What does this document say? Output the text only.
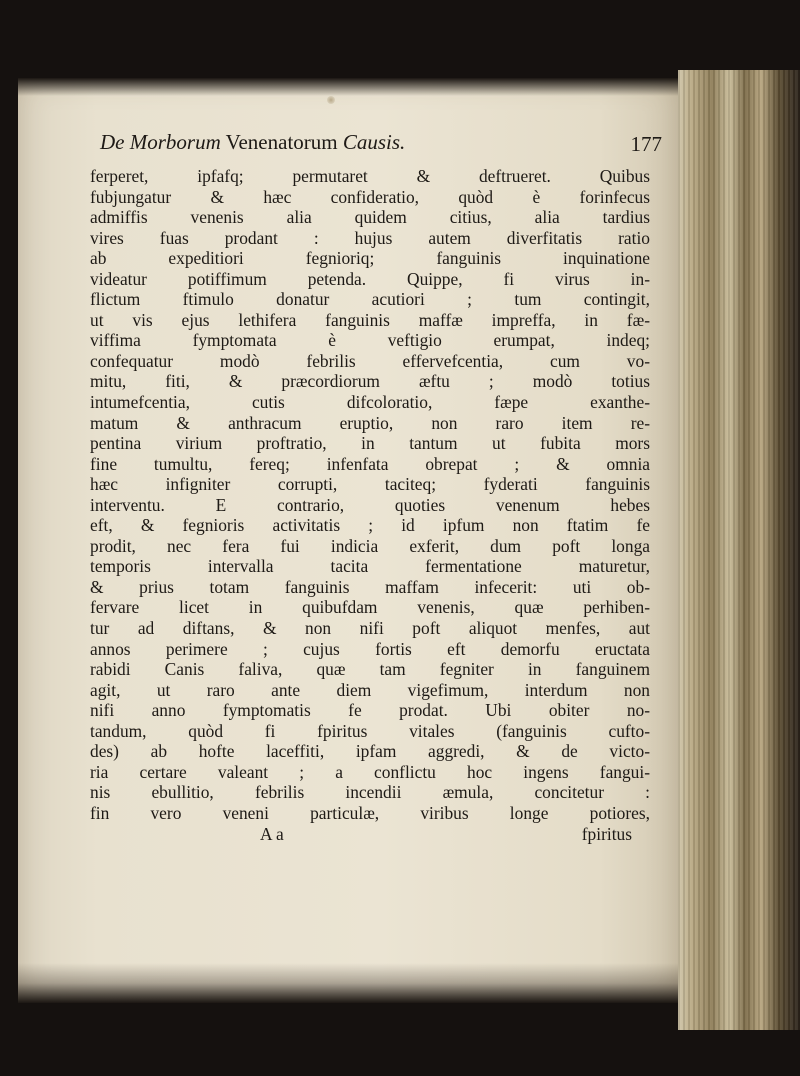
De Morborum Venenatorum Causis.	177
ferperet, ipfafq; permutaret & deftrueret. Quibus
fubjungatur & hæc confideratio, quòd è forinfecus
admiffis venenis alia quidem citius, alia tardius
vires fuas prodant : hujus autem diverfitatis ratio
ab expeditiori fegnioriq; fanguinis inquinatione
videatur potiffimum petenda. Quippe, fi virus in-
flictum ftimulo donatur acutiori ; tum contingit,
ut vis ejus lethifera fanguinis maffæ impreffa, in fæ-
viffima fymptomata è veftigio erumpat, indeq;
confequatur modò febrilis effervefcentia, cum vo-
mitu, fiti, & præcordiorum æftu ; modò totius
intumefcentia, cutis difcoloratio, fæpe exanthe-
matum & anthracum eruptio, non raro item re-
pentina virium proftratio, in tantum ut fubita mors
fine tumultu, fereq; infenfata obrepat ; & omnia
hæc infigniter corrupti, taciteq; fyderati fanguinis
interventu. E contrario, quoties venenum hebes
eft, & fegnioris activitatis ; id ipfum non ftatim fe
prodit, nec fera fui indicia exferit, dum poft longa
temporis intervalla tacita fermentatione maturetur,
& prius totam fanguinis maffam infecerit: uti ob-
fervare licet in quibufdam venenis, quæ perhiben-
tur ad diftans, & non nifi poft aliquot menfes, aut
annos perimere ; cujus fortis eft demorfu eructata
rabidi Canis faliva, quæ tam fegniter in fanguinem
agit, ut raro ante diem vigefimum, interdum non
nifi anno fymptomatis fe prodat. Ubi obiter no-
tandum, quòd fi fpiritus vitales (fanguinis cufto-
des) ab hofte laceffiti, ipfam aggredi, & de victo-
ria certare valeant ; a conflictu hoc ingens fangui-
nis ebullitio, febrilis incendii æmula, concitetur :
fin vero veneni particulæ, viribus longe potiores,
A a	fpiritus
